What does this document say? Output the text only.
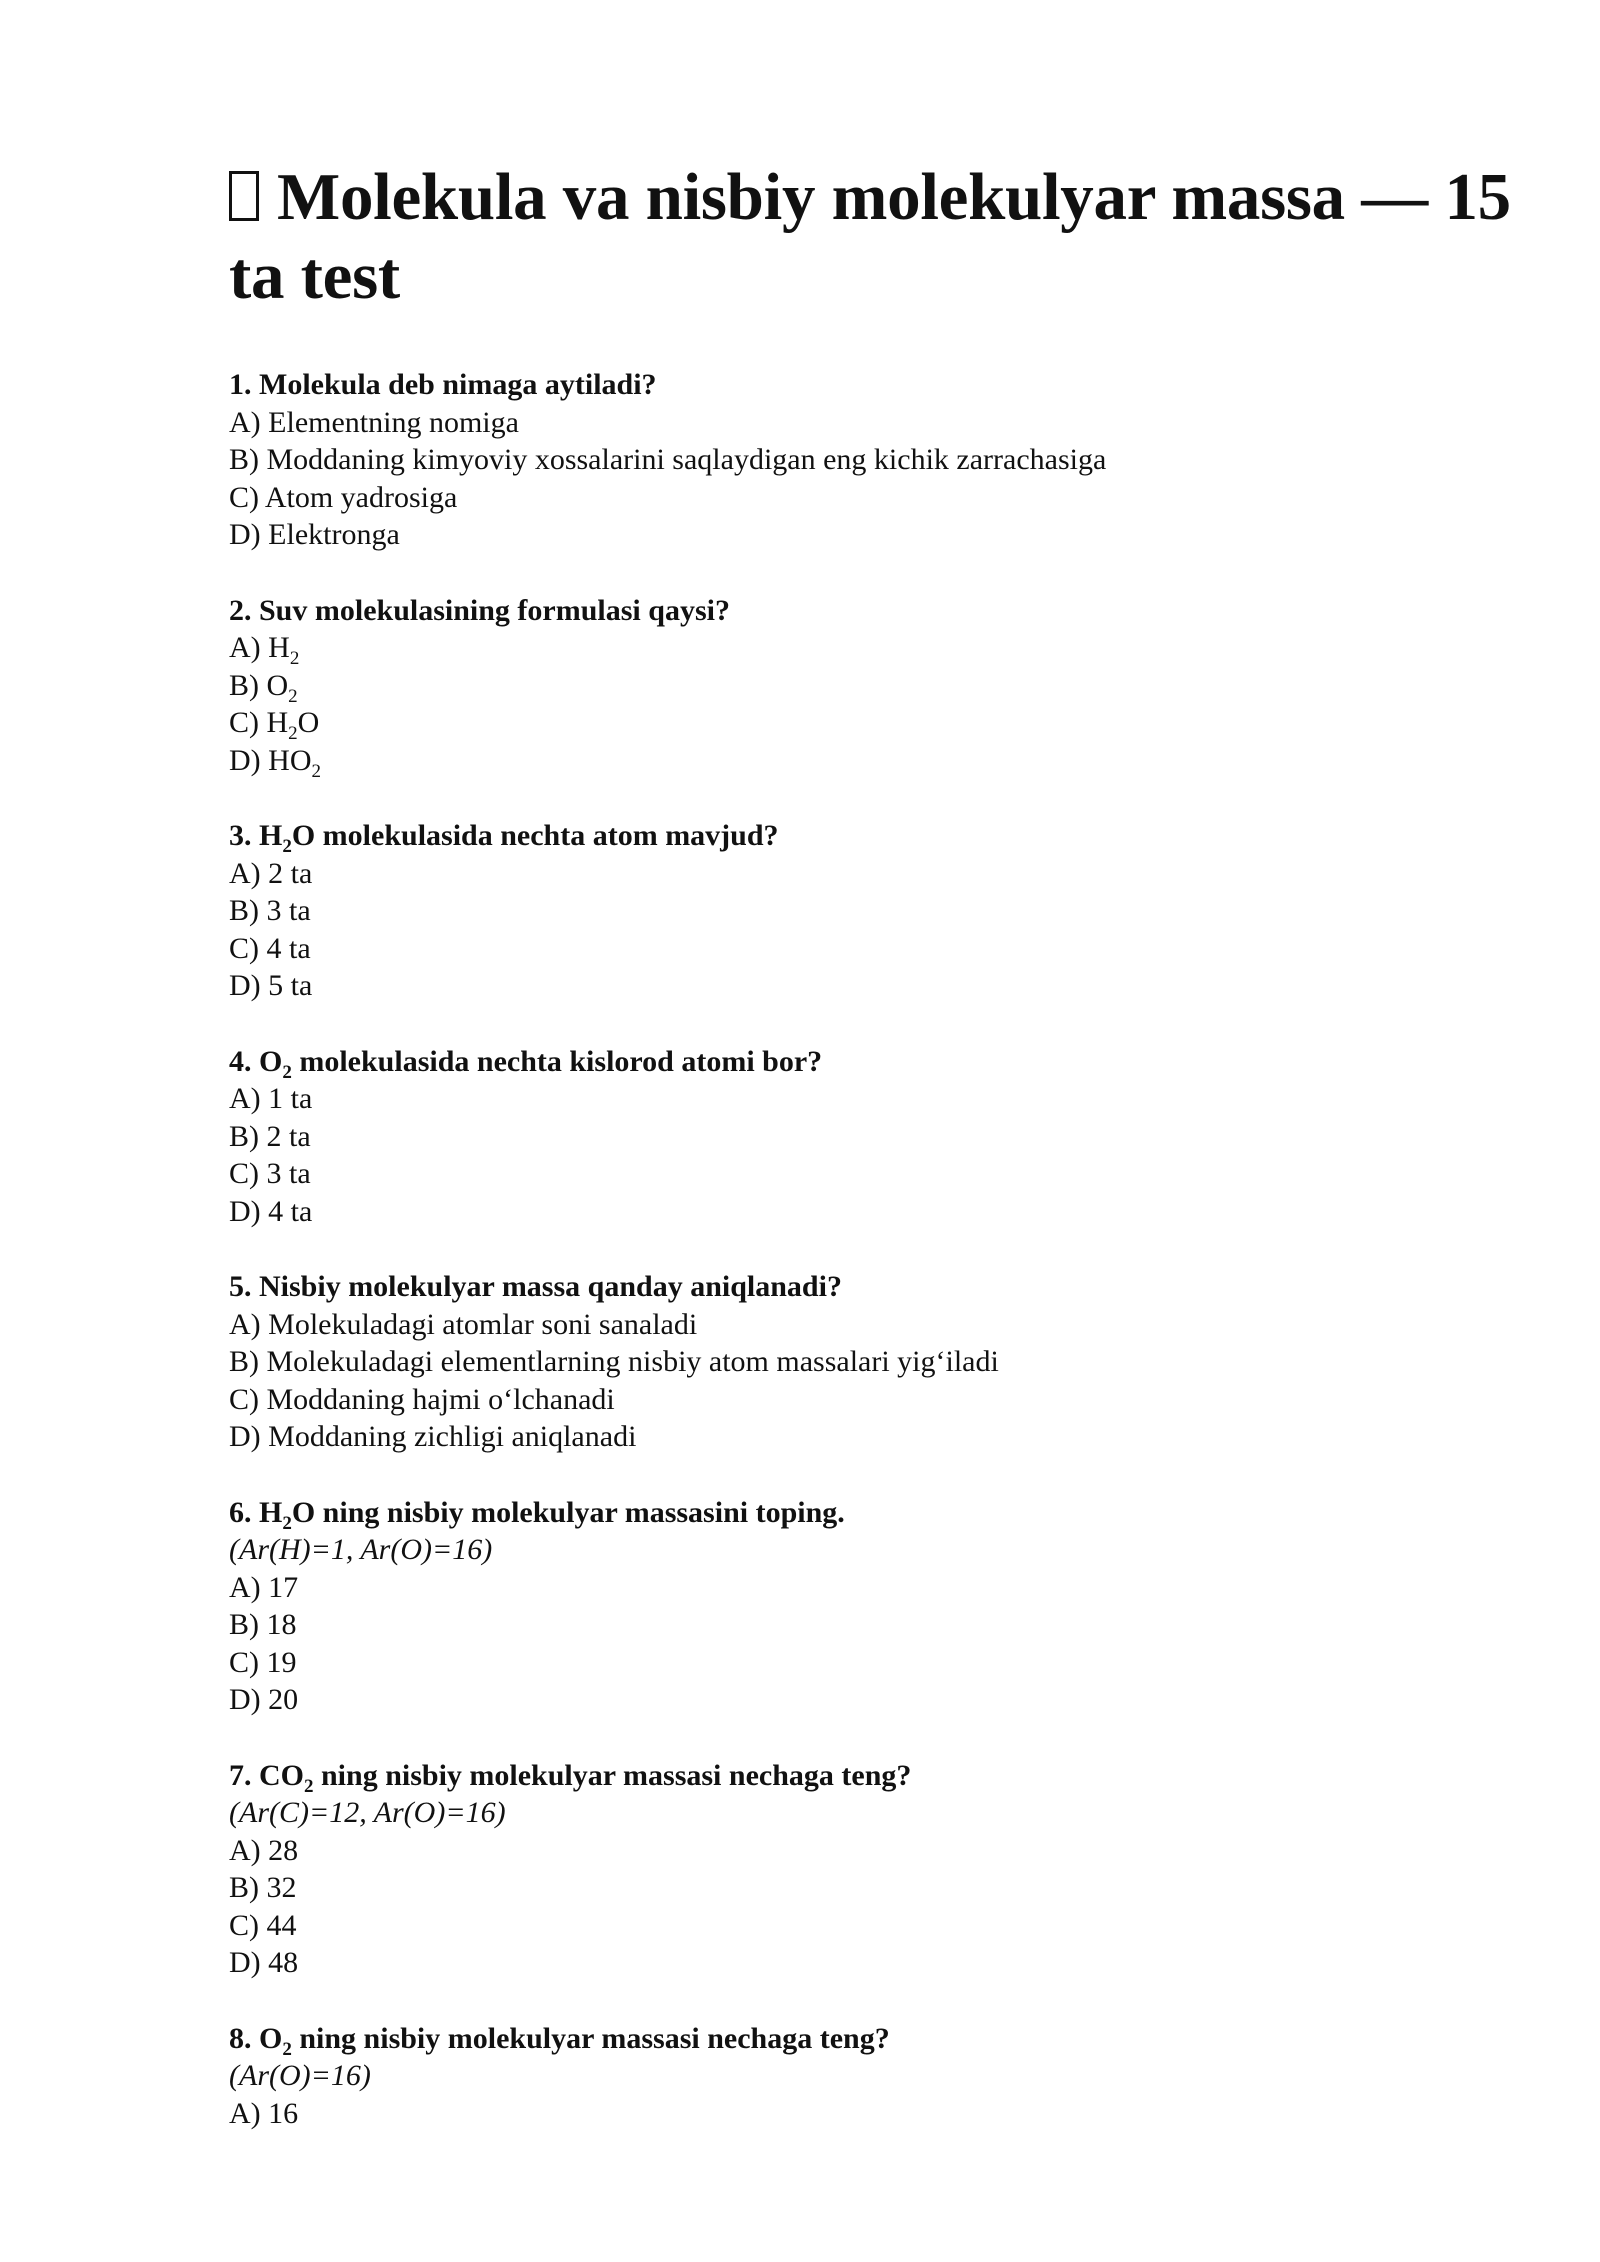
Molekula va nisbiy molekulyar massa — 15 ta test
1. Molekula deb nimaga aytiladi?
A) Elementning nomiga
B) Moddaning kimyoviy xossalarini saqlaydigan eng kichik zarrachasiga
C) Atom yadrosiga
D) Elektronga
2. Suv molekulasining formulasi qaysi?
A) $H_2$
B) $O_2$
C) $H_2O$
D) $HO_2$
3. $H_2O$ molekulasida nechta atom mavjud?
A) 2 ta
B) 3 ta
C) 4 ta
D) 5 ta
4. $O_2$ molekulasida nechta kislorod atomi bor?
A) 1 ta
B) 2 ta
C) 3 ta
D) 4 ta
5. Nisbiy molekulyar massa qanday aniqlanadi?
A) Molekuladagi atomlar soni sanaladi
B) Molekuladagi elementlarning nisbiy atom massalari yig‘iladi
C) Moddaning hajmi o‘lchanadi
D) Moddaning zichligi aniqlanadi
6. $H_2O$ ning nisbiy molekulyar massasini toping.
(Ar(H)=1, Ar(O)=16)
A) 17
B) 18
C) 19
D) 20
7. $CO_2$ ning nisbiy molekulyar massasi nechaga teng?
(Ar(C)=12, Ar(O)=16)
A) 28
B) 32
C) 44
D) 48
8. $O_2$ ning nisbiy molekulyar massasi nechaga teng?
(Ar(O)=16)
A) 16
